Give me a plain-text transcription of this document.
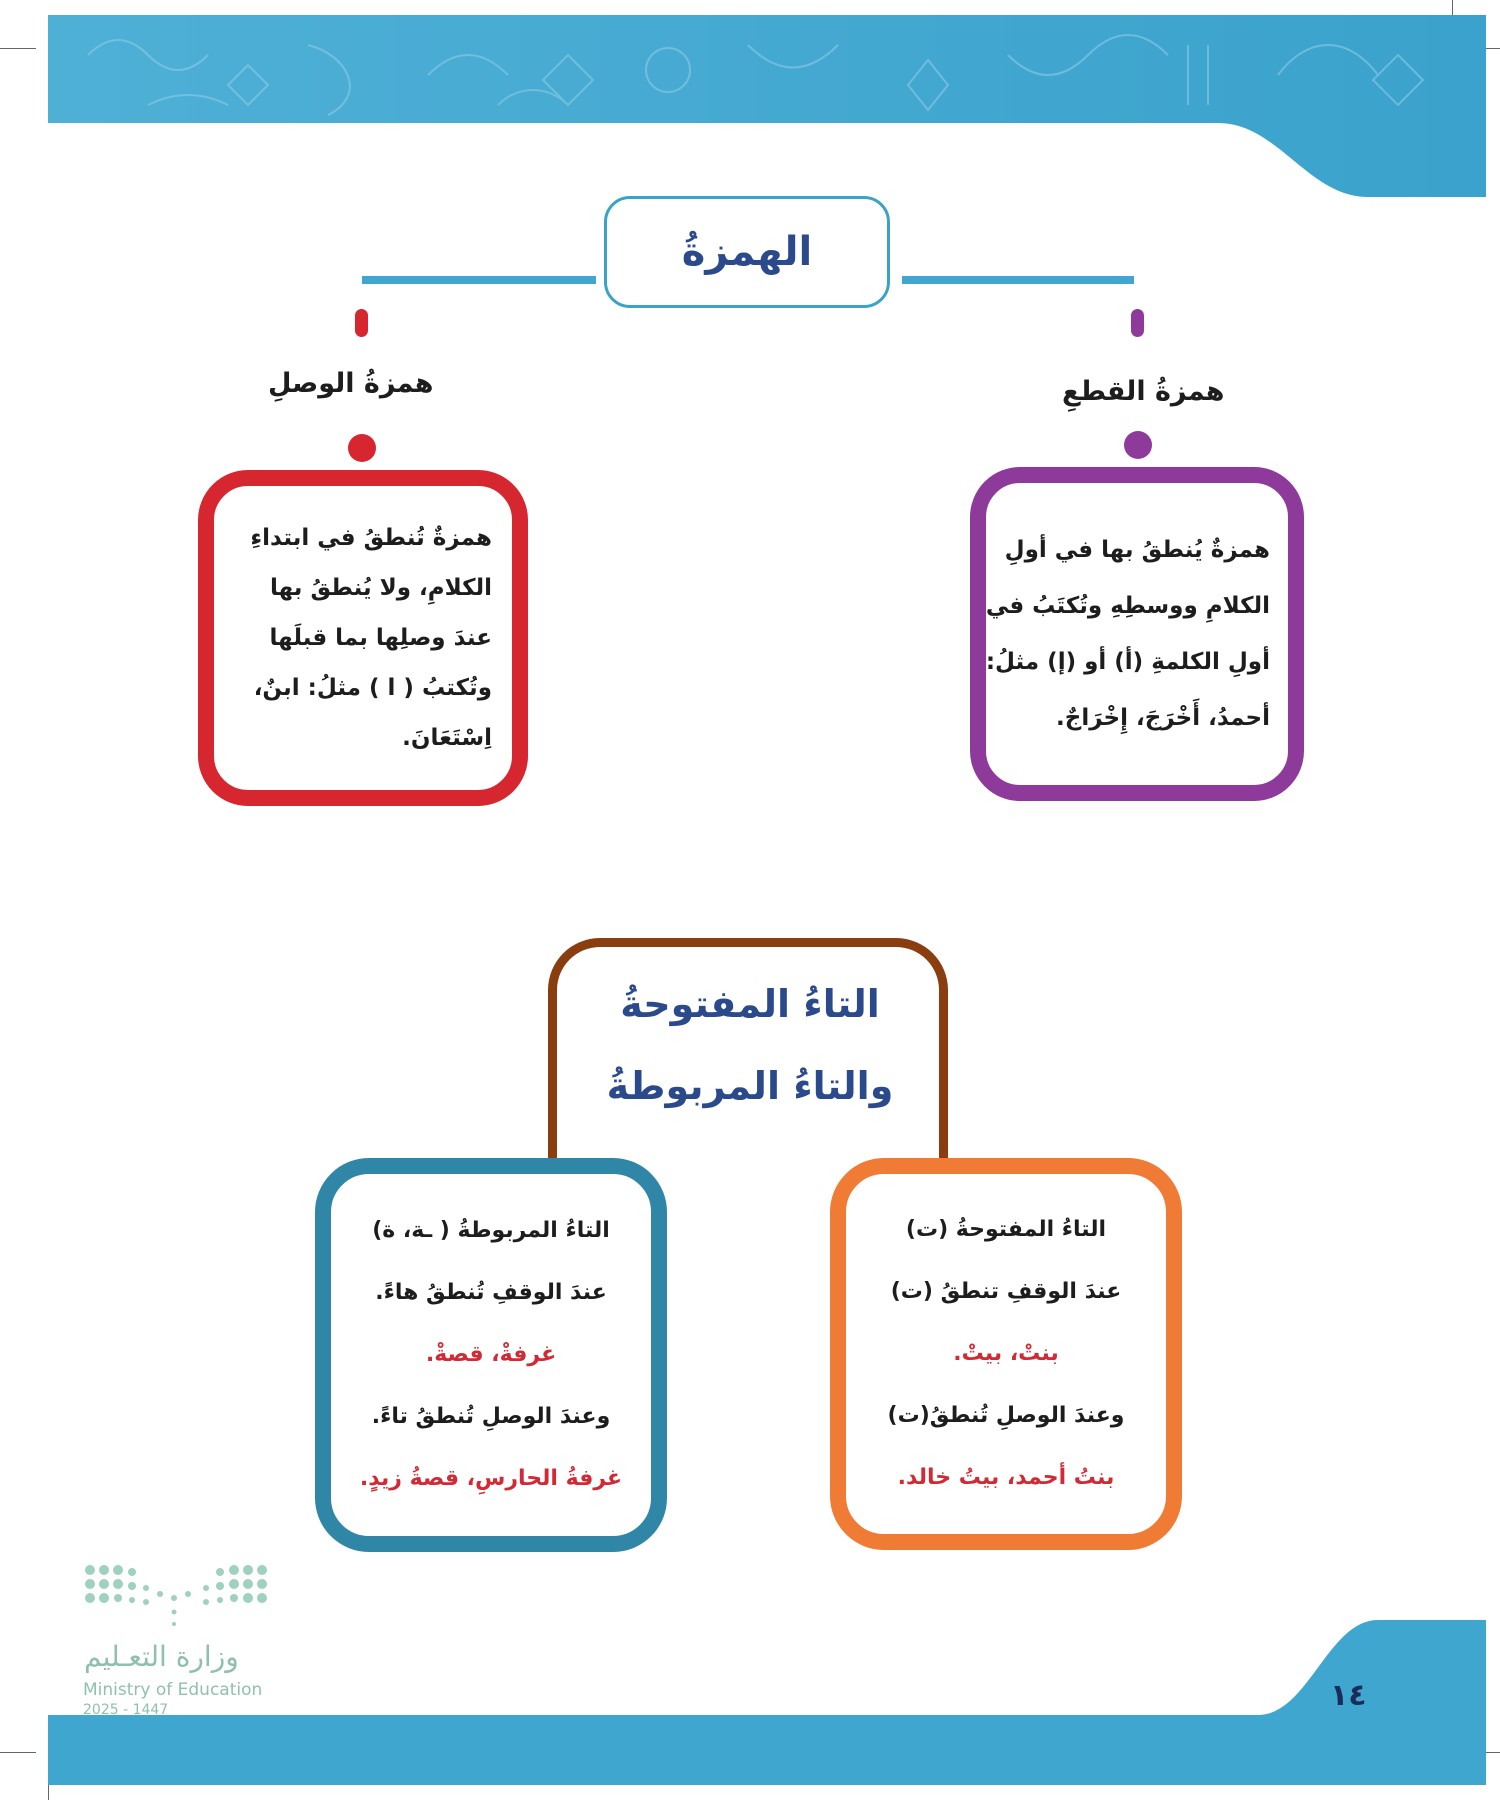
الهمزةُ
همزةُ الوصلِ
همزةٌ تُنطقُ في ابتداءِ
الكلامِ، ولا يُنطقُ بها
عندَ وصلِها بما قبلَها
وتُكتبُ ( ا ) مثلُ: ابنٌ،
اِسْتَعَانَ.
همزةُ القطعِ
همزةٌ يُنطقُ بها في أولِ
الكلامِ ووسطِهِ وتُكتَبُ في
أولِ الكلمةِ (أ) أو (إ) مثلُ:
أحمدُ، أَخْرَجَ، إِخْرَاجٌ.
التاءُ المفتوحةُ
والتاءُ المربوطةُ
التاءُ المربوطةُ ( ـة، ة)
عندَ الوقفِ تُنطقُ هاءً.
غرفةْ، قصةْ.
وعندَ الوصلِ تُنطقُ تاءً.
غرفةُ الحارسِ، قصةُ زيدٍ.
التاءُ المفتوحةُ (ت)
عندَ الوقفِ تنطقُ (ت)
بنتْ، بيتْ.
وعندَ الوصلِ تُنطقُ(ت)
بنتُ أحمد، بيتُ خالد.
وزارة التعـليم
Ministry of Education
2025 - 1447	١٤
